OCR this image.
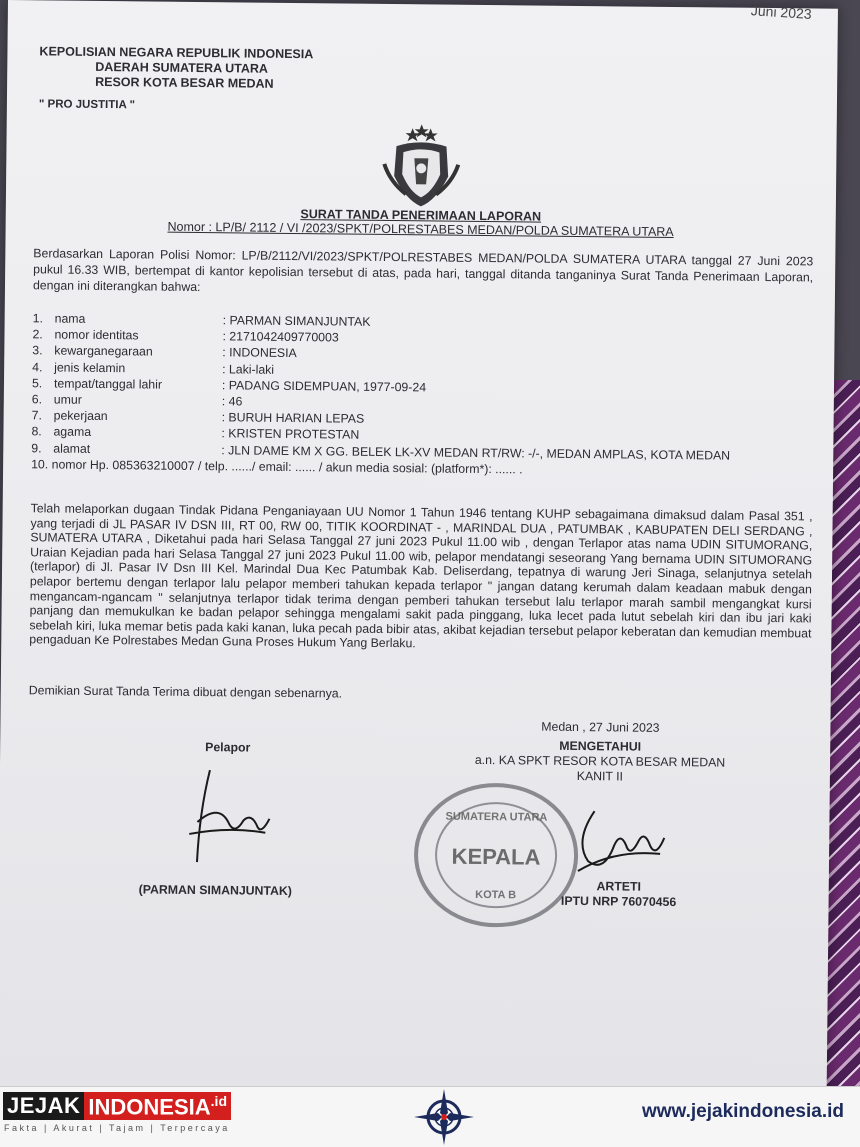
Juni 2023
KEPOLISIAN NEGARA REPUBLIK INDONESIA
DAERAH SUMATERA UTARA
RESOR KOTA BESAR MEDAN
" PRO JUSTITIA "
SURAT TANDA PENERIMAAN LAPORAN
Nomor : LP/B/ 2112 / VI /2023/SPKT/POLRESTABES MEDAN/POLDA SUMATERA UTARA
Berdasarkan Laporan Polisi Nomor: LP/B/2112/VI/2023/SPKT/POLRESTABES MEDAN/POLDA SUMATERA UTARA tanggal 27 Juni 2023 pukul 16.33 WIB, bertempat di kantor kepolisian tersebut di atas, pada hari, tanggal ditanda tanganinya Surat Tanda Penerimaan Laporan, dengan ini diterangkan bahwa:
1. nama	: PARMAN SIMANJUNTAK
2. nomor identitas	: 2171042409770003
3. kewarganegaraan	: INDONESIA
4. jenis kelamin	: Laki-laki
5. tempat/tanggal lahir	: PADANG SIDEMPUAN, 1977-09-24
6. umur	: 46
7. pekerjaan	: BURUH HARIAN LEPAS
8. agama	: KRISTEN PROTESTAN
9. alamat	: JLN DAME KM X GG. BELEK LK-XV MEDAN RT/RW: -/-, MEDAN AMPLAS, KOTA MEDAN
10. nomor Hp. 085363210007 / telp. ....../ email: ...... / akun media sosial: (platform*): ...... .
Telah melaporkan dugaan Tindak Pidana Penganiayaan UU Nomor 1 Tahun 1946 tentang KUHP sebagaimana dimaksud dalam Pasal 351 , yang terjadi di JL PASAR IV DSN III, RT 00, RW 00, TITIK KOORDINAT - , MARINDAL DUA , PATUMBAK , KABUPATEN DELI SERDANG , SUMATERA UTARA , Diketahui pada hari Selasa Tanggal 27 juni 2023 Pukul 11.00 wib , dengan Terlapor atas nama UDIN SITUMORANG, Uraian Kejadian pada hari Selasa Tanggal 27 juni 2023 Pukul 11.00 wib, pelapor mendatangi seseorang Yang bernama UDIN SITUMORANG (terlapor) di Jl. Pasar IV Dsn III Kel. Marindal Dua Kec Patumbak Kab. Deliserdang, tepatnya di warung Jeri Sinaga, selanjutnya setelah pelapor bertemu dengan terlapor lalu pelapor memberi tahukan kepada terlapor " jangan datang kerumah dalam keadaan mabuk dengan mengancam-ngancam " selanjutnya terlapor tidak terima dengan pemberi tahukan tersebut lalu terlapor marah sambil mengangkat kursi panjang dan memukulkan ke badan pelapor sehingga mengalami sakit pada pinggang, luka lecet pada lutut sebelah kiri dan ibu jari kaki sebelah kiri, luka memar betis pada kaki kanan, luka pecah pada bibir atas, akibat kejadian tersebut pelapor keberatan dan kemudian membuat pengaduan Ke Polrestabes Medan Guna Proses Hukum Yang Berlaku.
Demikian Surat Tanda Terima dibuat dengan sebenarnya.
Medan , 27 Juni 2023
MENGETAHUI
a.n. KA SPKT RESOR KOTA BESAR MEDAN
KANIT II
Pelapor
SUMATERA UTARA
KEPALA
KOTA B
(PARMAN SIMANJUNTAK)	ARTETI
IPTU NRP 76070456
JEJAK $INDONESIA^{.id}$
Fakta | Akurat | Tajam | Terpercaya
www.jejakindonesia.id
